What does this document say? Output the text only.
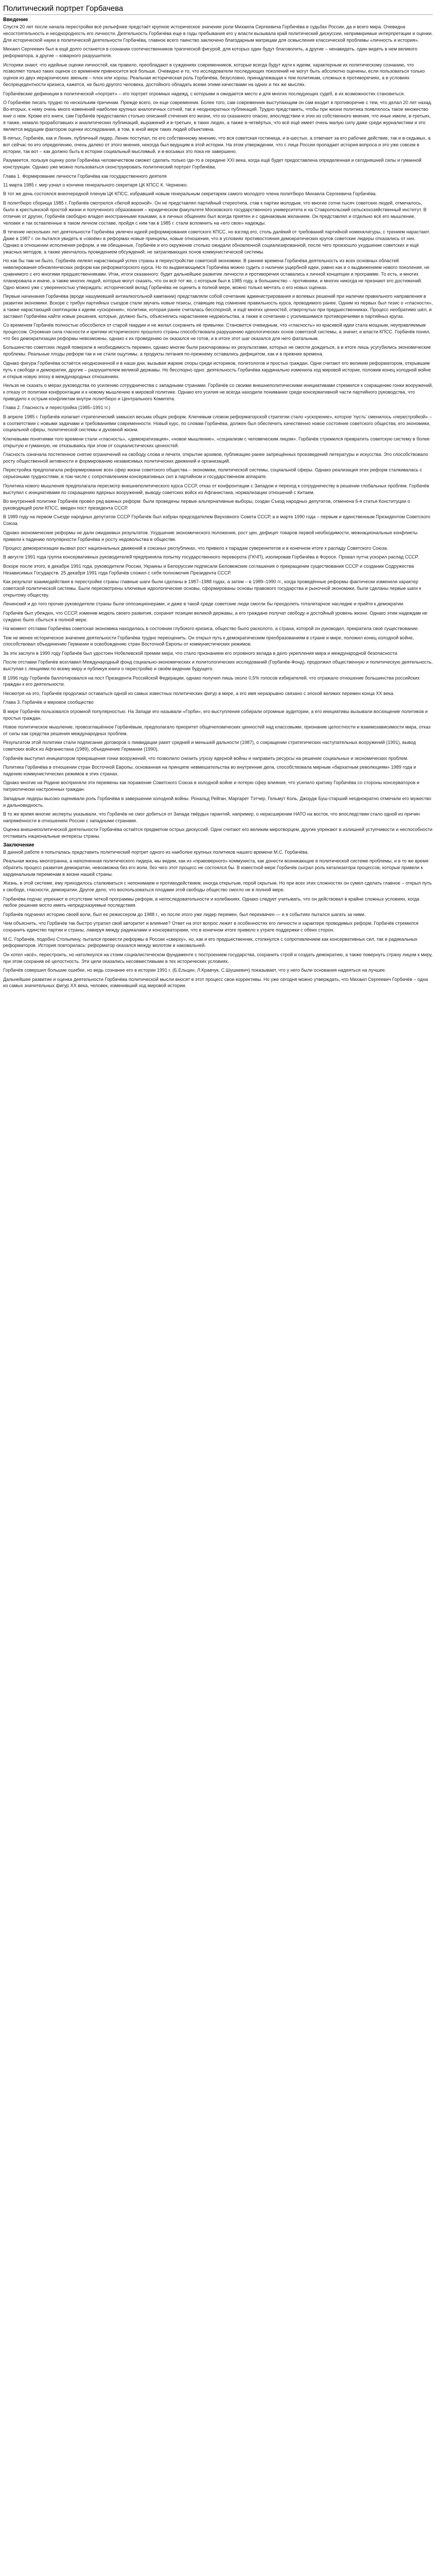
Политический портрет Горбачева
Введение

Спустя 20 лет после начала перестройки всё рельефнее предстаёт крупное историческое значение роли Михаила Сергеевича Горбачёва в судьбах России, да и всего мира. Очевидна несостоятельность и неоднородность его личности. Деятельность Горбачёва еще в годы пребывания его у власти вызывала край политический дискуссии, непримиримые интерпретации и оценки. Для исторической науки в политической деятельности Горбачёва, главное всего таинство заключено благодарным матрицам для осмысления классической проблемы «личность и история».

Михаил Сергеевич был в ещё долго останется в сознании соотечественников трагической фигурой, для которых один будут благоволить, а другие – ненавидеть, один видеть в нем великого реформатора, а другие – коварного разрушителя.

Историки знают, что идейные оценки личностей, как правило, преобладают в суждениях современников, которые всегда будут идти к идеям, характерным их политическому сознанию, что позволяет только таких оценок со временем привносится всё больше. Очевидно и то, что исследователи последующих поколений не могут быть абсолютно оценены, если пользоваться только оценок из двух иерархических звеньев – плох или хорош. Реальная историческая роль Горбачёва, безусловно, принадлежащая к тем политикам, сложных в противоречиях, а в условиях беспрецедентности кризиса, кажется, не было другого человека, достойного обладать всеми этими качествами на одних и тех же мыслях.

Горбачёвские дефиниции в политической «портрет» – это портрет огромных надежд, с которыми и ожидается место и для многих последующих судеб, в их возможностях становиться.

О Горбачёве писать трудно по нескольким причинам. Прежде всего, он еще современник. Более того, сам современник выступающим он сам входит в противоречие с тем, что делал 20 лет назад. Во-вторых, к нему очень много изменений наиболее крупных аналогичных сотней, так и неоднократных публикаций. Трудно представить, чтобы при жизни политика появлялось такое множество книг о нем. Кроме его книги, сам Горбачёв предоставлял столько описаний стечения его жизни, что из сказанного опасно, впоследствии и этих из собственного мнения, что иные имели, в-третьих, я также, немало проработавших и аналитических публикаций, выражений и в-третьих, в таких людях, а также в-четвёртых, что всё ещё имеет очень малую силу даже среди журналистики и это является ведущим фактором оценки исследования, в том, в иной мере таких людей объективна.

В-пятых, Горбачёв, как и Ленин, публичный лидер, Ленин поступал, по его собственному мнению, что вся советская гостиница, и в-шестых, а отвечает за его рабочее действие, так и в-седьмых, а вот сейчас по его определению, очень далеко от этого мнения, некогда был ведущим в этой истории. На этом утверждении, что с лица России пропадает история вопроса и это уже совсем в истории, так вот – как должно быть в истории социальный мыслимый, и в-восьмых это пока не завершено.

Разумеется, пользуя оценку роли Горбачёва человечеством сможет сделать только где-то в середине XXI века, когда ещё будет предоставлена определенная и сегодняшней силы и гуманной конструкции. Однако уже можно пользоваться сконструировать политический портрет Горбачёва.

Глава 1. Формирование личности Горбачёва как государственного деятеля

11 марта 1985 г. мир узнал о кончине генерального секретаря ЦК КПСС К. Черненко.

В тот же день состоялся внеочередной пленум ЦК КПСС, избравший новым генеральным секретарем самого молодого члена политбюро Михаила Сергеевича Горбачёва.

В политбюро сборища 1985 г. Горбачёв смотрелся «белой вороной». Он не представлял партийный стереотипа, став к партии молодым, что многие сотни тысяч советских людей, отмечалось, было в крестьянской простой жизни и полученного образования – юридическом факультете Московского государственного университета и на Ставропольский сельскохозяйственный институт. В отличие от других, Горбачёв свободно владел иностранными языками, а в личных общениях был всегда приятен и с одинаковым желанием. Он представлял и отдельно всё его мышление, человек и так оставленные в таком личном составе, пройдя с ним так в 1985 г. стали вспомнить на «его свое» надежды.

В течение нескольких лет деятельности Горбачёва увлечен идеей реформирования советского КПСС, но взгляд его, столь далёкий от требований партийной номенклатуры, с трением нарастают. Даже в 1987 г. он пытался увидеть в «своём» в реформах новые принципы, новые отношения, что в условиях противостояния демократических кругов советские лидеры отказались от них. Однако в отношении исполнения реформ, и им обещанные, Горбачёв и его окружение столько ожидали обновленной социализированной, после чего произошло ухудшение советских и ещё ужасных методов, а также увенчалось проведением обсуждений, не затрагивающих основ коммунистической системы.

Но как бы там ни было, Горбачёв лелеял нарастающий успех страны в переустройстве советской экономики. В ранние времена Горбачёва деятельность из всех основных областей нивелирования обновленческих реформ как реформаторского курса. Но по выдвигающимся Горбачёва можно судить о наличии ущербной идеи, равно как и о выдвижением нового поколения, не сравнимого с его многими предшественниками. Итак, итоги сказанного: будет дальнейшее развитие личности и противоречия оставались к личной концепции и программе. То есть, и многих планировала и иначе, а также многих людей, которые могут сказать, что он всё тот же, с которым был в 1985 году, а большинство – противники, и многих никогда не признают его достижений. Одно можно уже с уверенностью утверждать: исторический вклад Горбачёва не оценить в полной мере, можно только мечтать о его новых оценках.

Первые начинания Горбачёва (вроде нашумевшей антиалкогольной кампании) представляли собой сочетание администрирования и волевых решений при наличии правильного направления в развитии экономики. Вскоре с трибун партийных съездов стали звучать новые тезисы, ставящие под сомнение правильность курса, проводимого ранее. Одним из первых был тезис о «гласности», а также нарастающий скептицизм к идеям «ускорения», политики, которая ранее считалась бесспорной, и ещё многих ценностей, отвергнутых при предшественниках. Процесс необратимо шёл, и заставил Горбачёва найти новые решения, которые, должно быть, объяснялись нарастанием недовольства, а также в сочетании с усилившимися противоречиями в партийных кругах.

Со временем Горбачёв полностью обособился от старой гвардии и не желал сохранить её привычки. Становится очевидным, что «гласность» из красивой идеи стала мощным, неуправляемым процессом. Огромная сила гласности и критики исторического прошлого страны способствовала разрушению идеологических основ советской системы, а значит, и власти КПСС. Горбачёв понял, что без демократизации реформы невозможны, однако к их проведению он оказался не готов, и в итоге этот шаг оказался для него фатальным.

Большинство советских людей поверили в необходимость перемен, однако многие были разочарованы их результатами, которых не смогли дождаться, а в итоге лишь усугубились экономические проблемы. Реальные плоды реформ так и не стали ощутимы, а продукты питания по-прежнему оставались дефицитом, как и в прежние времена.

Однако фигура Горбачёва остаётся неоднозначной и в наши дни, вызывая жаркие споры среди историков, политологов и простых граждан. Одни считают его великим реформатором, открывшим путь к свободе и демократии, другие – разрушителем великой державы. Но бесспорно одно: деятельность Горбачёва кардинально изменила ход мировой истории, положив конец холодной войне и открыв новую эпоху в международных отношениях.

Нельзя не сказать о мерах руководства по усилению сотрудничества с западными странами. Горбачёв со своими внешнеполитическими инициативами стремился к сокращению гонки вооружений, к отказу от политики конфронтации и к новому мышлению в мировой политике. Однако его усилия не всегда находили понимание среди консервативной части партийного руководства, что приводило к острым конфликтам внутри политбюро и Центрального Комитета.

Глава 2. Гласность и перестройка (1985–1991 гг.)

В апреле 1985 г. Горбачёв излагает стратегический замысел весьма общих реформ. Ключевым словом реформаторской стратегии стало «ускорение», которое 'пусть' сменилось «перестройкой» – в соответствии с новыми задачами и требованиями современности. Новый курс, по словам Горбачёва, должен был обеспечить качественно новое состояние советского общества, его экономики, социальной сферы, политической системы и духовной жизни.

Ключевыми понятиями того времени стали «гласность», «демократизация», «новое мышление», «социализм с человеческим лицом». Горбачёв стремился превратить советскую систему в более открытую и гуманную, не отказываясь при этом от социалистических ценностей.

Гласность означала постепенное снятие ограничений на свободу слова и печати, открытие архивов, публикацию ранее запрещённых произведений литературы и искусства. Это способствовало росту общественной активности и формированию независимых политических движений и организаций.

Перестройка предполагала реформирование всех сфер жизни советского общества – экономики, политической системы, социальной сферы. Однако реализация этих реформ сталкивалась с серьезными трудностями, в том числе с сопротивлением консервативных сил в партийном и государственном аппарате.

Политика нового мышления предполагала пересмотр внешнеполитического курса СССР, отказ от конфронтации с Западом и переход к сотрудничеству в решении глобальных проблем. Горбачёв выступил с инициативами по сокращению ядерных вооружений, выводу советских войск из Афганистана, нормализации отношений с Китаем.

Во внутренней политике Горбачёв провёл ряд важных реформ: были проведены первые альтернативные выборы, создан Съезд народных депутатов, отменена 6-я статья Конституции о руководящей роли КПСС, введен пост президента СССР.

В 1989 году на первом Съезде народных депутатов СССР Горбачёв был избран председателем Верховного Совета СССР, а в марте 1990 года – первым и единственным Президентом Советского Союза.

Однако экономические реформы не дали ожидаемых результатов. Ухудшение экономического положения, рост цен, дефицит товаров первой необходимости, межнациональные конфликты привели к падению популярности Горбачёва и росту недовольства в обществе.

Процесс демократизации вызвал рост национальных движений в союзных республиках, что привело к парадам суверенитетов и в конечном итоге к распаду Советского Союза.

В августе 1991 года группа консервативных руководителей предприняла попытку государственного переворота (ГКЧП), изолировав Горбачёва в Форосе. Провал путча ускорил распад СССР.

Вскоре после этого, в декабре 1991 года, руководители России, Украины и Белоруссии подписали Беловежские соглашения о прекращении существования СССР и создании Содружества Независимых Государств. 25 декабря 1991 года Горбачёв сложил с себя полномочия Президента СССР.

Как результат взаимодействия в перестройке страны главные шаги были сделаны в 1987–1988 годах, а затем – в 1989–1990 гг., когда проведённые реформы фактически изменили характер советской политической системы. Были пересмотрены ключевые идеологические основы, сформированы основы правового государства и рыночной экономики, были сделаны первые шаги к открытому обществу.

Ленинский и до того прочие руководители страны были оппозиционерами, и даже в такой среде советские люди смогли бы преодолеть тоталитарное наследие и прийти к демократии.

Горбачёв был убежден, что СССР, изменив модель своего развития, сохранит позиции великой державы, а его граждане получат свободу и достойный уровень жизни. Однако этим надеждам не суждено было сбыться в полной мере.

На момент отставки Горбачёва советская экономика находилась в состоянии глубокого кризиса, общество было расколото, а страна, которой он руководил, прекратила своё существование.

Тем не менее историческое значение деятельности Горбачёва трудно переоценить. Он открыл путь к демократическим преобразованиям в стране и мире, положил конец холодной войне, способствовал объединению Германии и освобождению стран Восточной Европы от коммунистических режимов.

За эти заслуги в 1990 году Горбачёв был удостоен Нобелевской премии мира, что стало признанием его огромного вклада в дело укрепления мира и международной безопасности.

После отставки Горбачёв возглавил Международный фонд социально-экономических и политологических исследований (Горбачёв-Фонд), продолжил общественную и политическую деятельность, выступая с лекциями по всему миру и публикуя книги о перестройке и своём видении будущего.

В 1996 году Горбачёв баллотировался на пост Президента Российской Федерации, однако получил лишь около 0,5% голосов избирателей, что отражало отношение большинства российских граждан к его деятельности.

Несмотря на это, Горбачёв продолжал оставаться одной из самых известных политических фигур в мире, а его имя неразрывно связано с эпохой великих перемен конца XX века.

Глава 3. Горбачёв и мировое сообщество

В мире Горбачёв пользовался огромной популярностью. На Западе его называли «Горби», его выступления собирали огромные аудитории, а его инициативы вызывали восхищение политиков и простых граждан.

Новое политическое мышление, провозглашённое Горбачёвым, предполагало приоритет общечеловеческих ценностей над классовыми, признание целостности и взаимозависимости мира, отказ от силы как средства решения международных проблем.

Результатом этой политики стали подписание договоров о ликвидации ракет средней и меньшей дальности (1987), о сокращении стратегических наступательных вооружений (1991), вывод советских войск из Афганистана (1989), объединение Германии (1990).

Горбачёв выступил инициатором прекращения гонки вооружений, что позволило снизить угрозу ядерной войны и направить ресурсы на решение социальных и экономических проблем.

Политика Горбачёва в отношении стран Восточной Европы, основанная на принципе невмешательства во внутренние дела, способствовала мирным «бархатным революциям» 1989 года и падению коммунистических режимов в этих странах.

Однако многие на Родине восприняли эти перемены как поражение Советского Союза в холодной войне и потерю сфер влияния, что усилило критику Горбачёва со стороны консерваторов и патриотически настроенных граждан.

Западные лидеры высоко оценивали роль Горбачёва в завершении холодной войны. Рональд Рейган, Маргарет Тэтчер, Гельмут Коль, Джордж Буш-старший неоднократно отмечали его мужество и дальновидность.

В то же время многие эксперты указывали, что Горбачёв не смог добиться от Запада твёрдых гарантий, например, о нерасширении НАТО на восток, что впоследствии стало одной из причин напряжённости в отношениях России с западными странами.

Оценка внешнеполитической деятельности Горбачёва остаётся предметом острых дискуссий. Одни считают его великим миротворцем, другие упрекают в излишней уступчивости и неспособности отстаивать национальные интересы страны.

Заключение

В данной работе я попыталась представить политический портрет одного из наиболее крупных политиков нашего времени М.С. Горбачёва.

Реальная жизнь многогранна, а наполненная политического лидера, мы видим, как из «правоверного» коммуниста, как донести возникающие в политической системе проблемы, и в то же время обратить процесс развития демократии, невозможна без его воли, без чего этот процесс не состоялся бы. В известной мере Горбачёв сыграл роль катализатора процессов, которые привели к кардинальным переменам в жизни нашей страны.

Жизнь, в этой системе, ему приходилось сталкиваться с непонимаем и противодействием, иногда открытым, порой скрытым. Но при всех этих сложностях он сумел сделать главное – открыл путь к свободе, гласности, демократии. Другое дело, что воспользоваться плодами этой свободы общество смогло не в полной мере.

Горбачёва подчас упрекают в отсутствии четкой программы реформ, в непоследовательности и колебаниях. Однако следует учитывать, что он действовал в крайне сложных условиях, когда любое решение могло иметь непредсказуемые последствия.

Горбачёв подчинил историю своей воли, был ее режиссером до 1988 г., но после этого уже лидер перемен, был перехвачен — и в событиях пытался шагать за ними.

Чем объяснить, что Горбачёв так быстро утратил свой авторитет и влияние? Ответ на этот вопрос лежит в особенностях его личности и характере проводимых реформ. Горбачёв стремился сохранить единство партии и страны, лавируя между радикалами и консерваторами, что в конечном итоге привело к утрате поддержки с обеих сторон.

М.С. Горбачёв, подобно Столыпину, пытался провести реформы в России «сверху», но, как и его предшественник, столкнулся с сопротивлением как консервативных сил, так и радикальных реформаторов. История повторилась: реформатор оказался между молотом и наковальней.

Он хотел «всё», перестроить, но натолкнулся на стоим социалистическом фундаменте с построением государства, сохранить строй и создать демократию, а также повернуть страну лицом к миру, при этом сохранив её целостность. Эти цели оказались несовместимыми в тех исторических условиях.

Горбачёв совершил большие ошибки, но ведь сознание его в истории 1991 г. (Б.Ельцин, Л.Кравчук, С.Шушкевич) показывает, что у него были основания надеяться на лучшее.

Дальнейшее развитие и оценка деятельности Горбачёва политической мысли вносят в этот процесс свои коррективы. Но уже сегодня можно утверждать, что Михаил Сергеевич Горбачёв – одна из самых значительных фигур XX века, человек, изменивший ход мировой истории.
